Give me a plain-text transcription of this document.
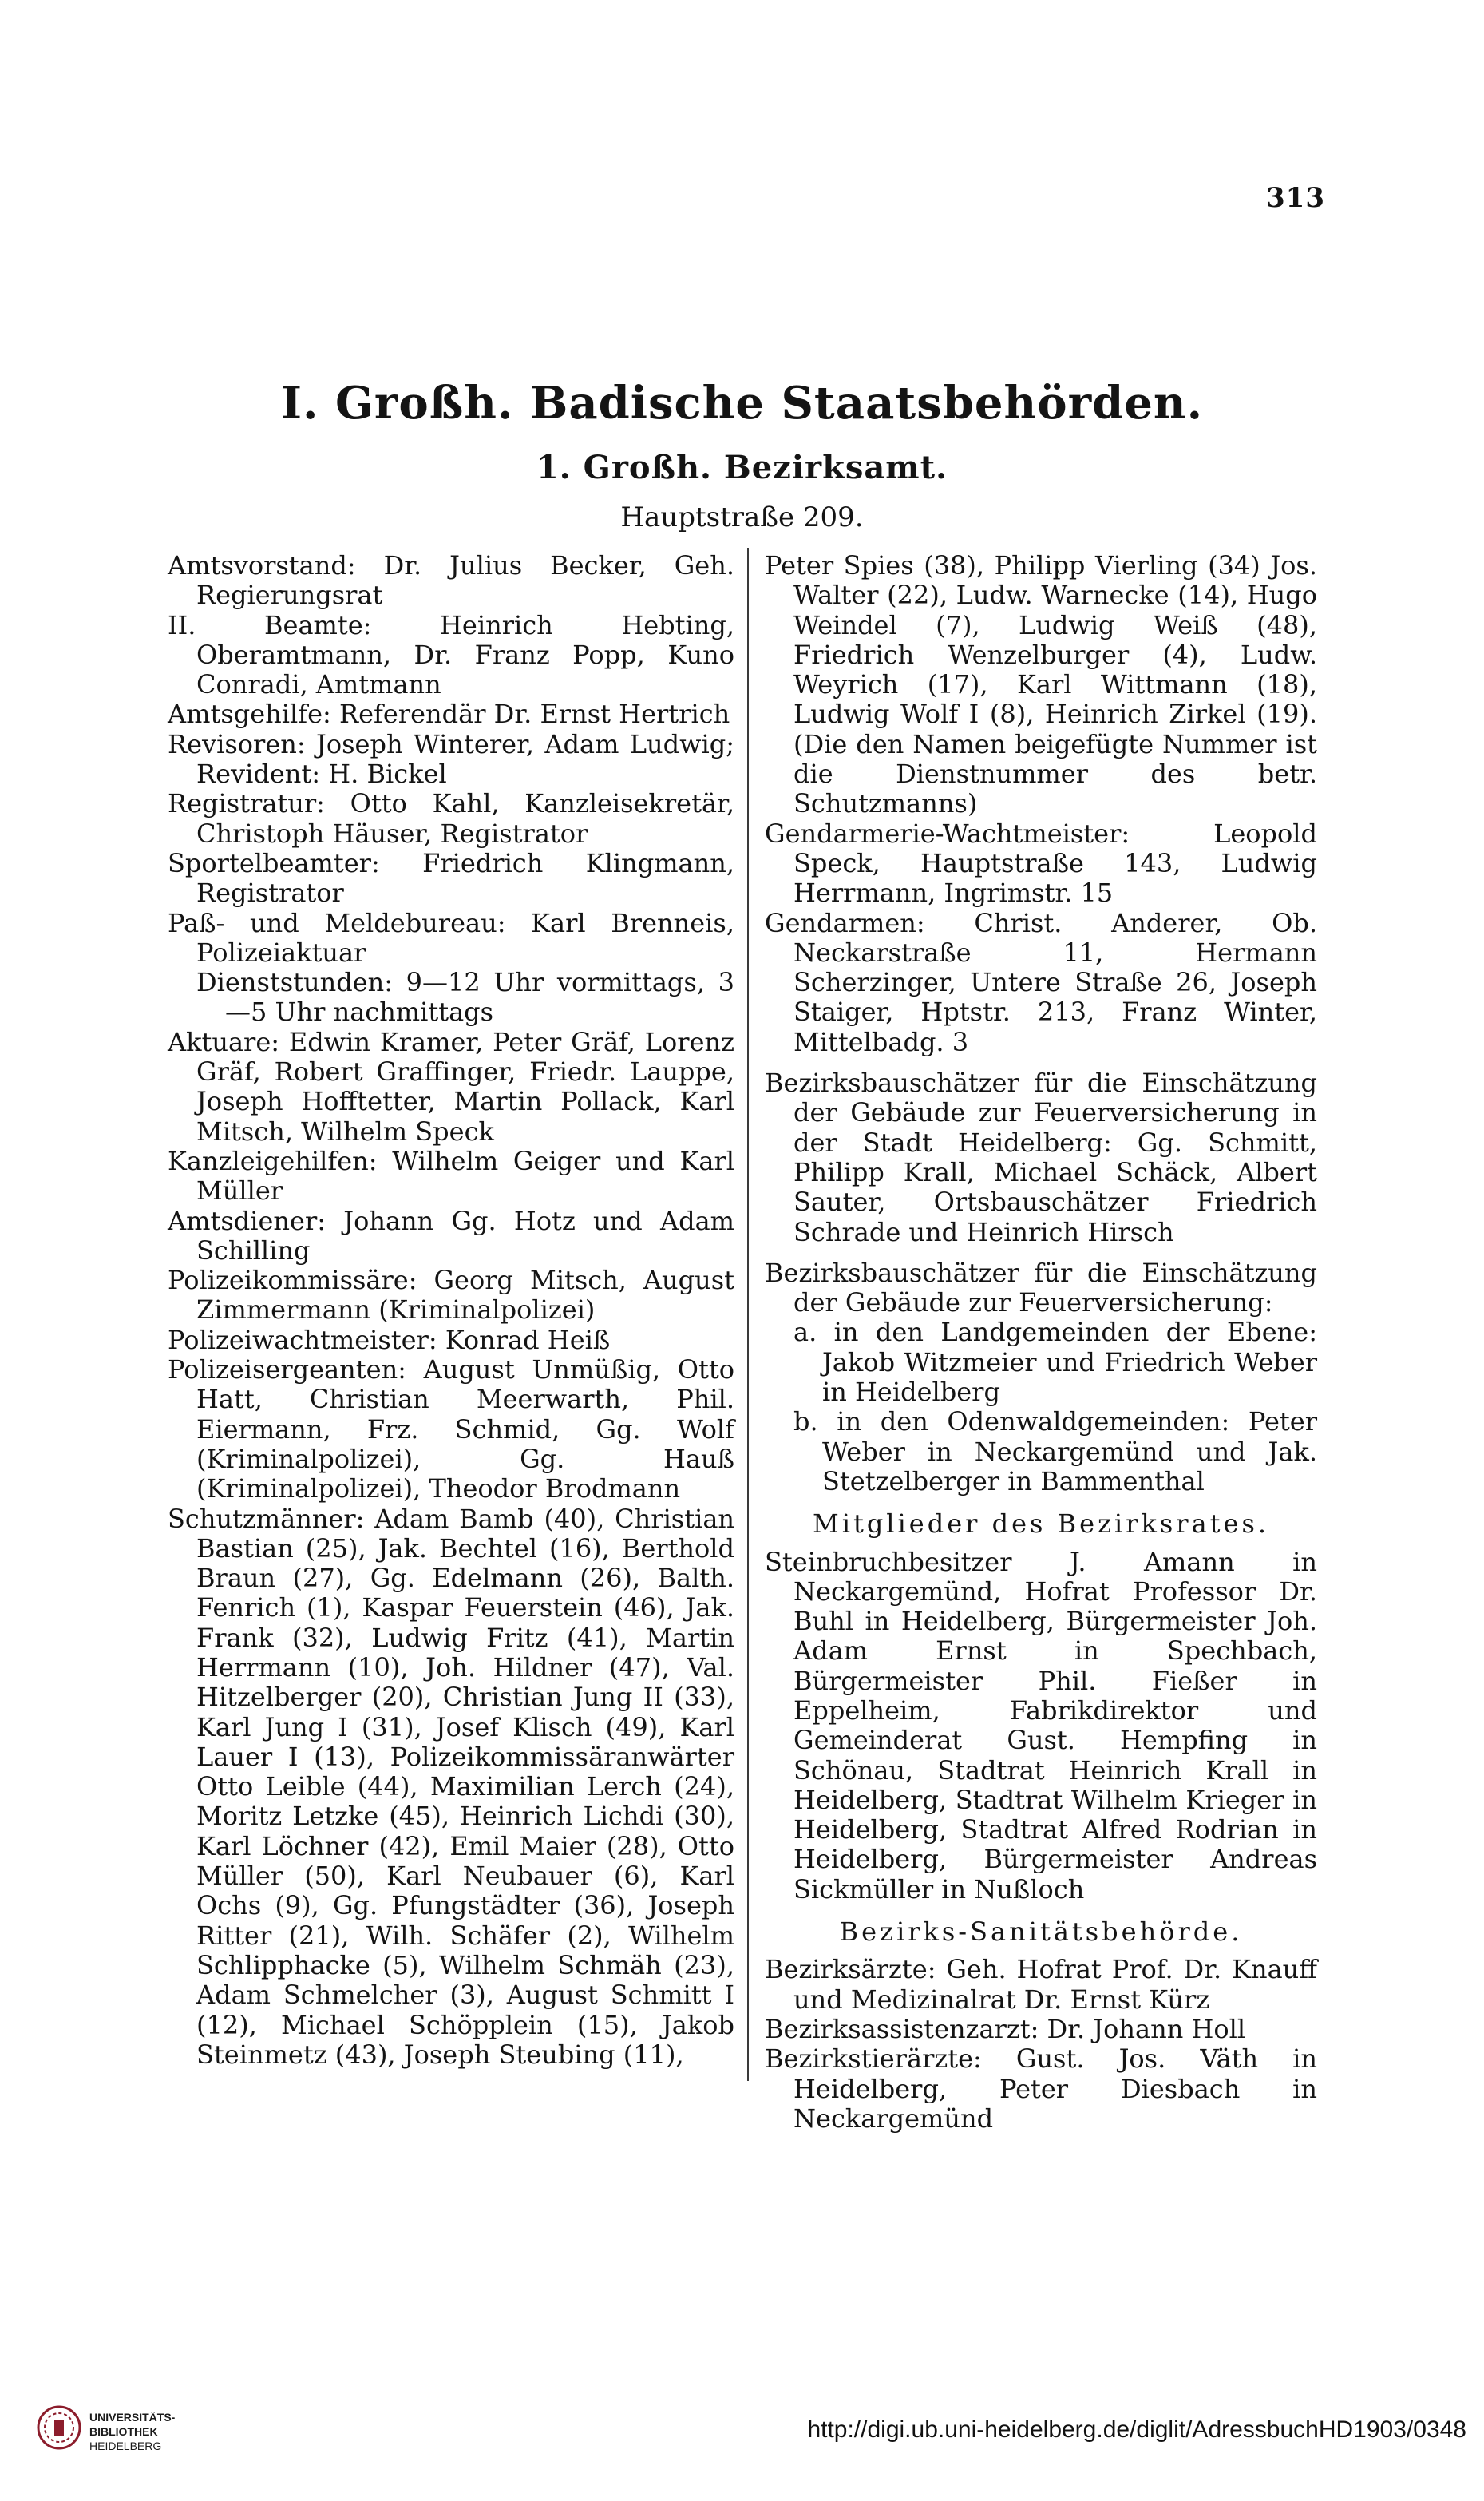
313
I. Großh. Badische Staatsbehörden.
1. Großh. Bezirksamt.
Hauptstraße 209.

Amtsvorstand: Dr. Julius Becker, Geh. Regierungsrat

II. Beamte: Heinrich Hebting, Oberamtmann, Dr. Franz Popp, Kuno Conradi, Amtmann

Amtsgehilfe: Referendär Dr. Ernst Hertrich

Revisoren: Joseph Winterer, Adam Ludwig; Revident: H. Bickel

Registratur: Otto Kahl, Kanzleisekretär, Christoph Häuser, Registrator

Sportelbeamter: Friedrich Klingmann, Registrator

Paß- und Meldebureau: Karl Brenneis, Polizeiaktuar

Dienststunden: 9—12 Uhr vormittags, 3—5 Uhr nachmittags

Aktuare: Edwin Kramer, Peter Gräf, Lorenz Gräf, Robert Graffinger, Friedr. Lauppe, Joseph Hofftetter, Martin Pollack, Karl Mitsch, Wilhelm Speck

Kanzleigehilfen: Wilhelm Geiger und Karl Müller

Amtsdiener: Johann Gg. Hotz und Adam Schilling

Polizeikommissäre: Georg Mitsch, August Zimmermann (Kriminalpolizei)

Polizeiwachtmeister: Konrad Heiß

Polizeisergeanten: August Unmüßig, Otto Hatt, Christian Meerwarth, Phil. Eiermann, Frz. Schmid, Gg. Wolf (Kriminalpolizei), Gg. Hauß (Kriminalpolizei), Theodor Brodmann

Schutzmänner: Adam Bamb (40), Christian Bastian (25), Jak. Bechtel (16), Berthold Braun (27), Gg. Edelmann (26), Balth. Fenrich (1), Kaspar Feuerstein (46), Jak. Frank (32), Ludwig Fritz (41), Martin Herrmann (10), Joh. Hildner (47), Val. Hitzelberger (20), Christian Jung II (33), Karl Jung I (31), Josef Klisch (49), Karl Lauer I (13), Polizeikommissäranwärter Otto Leible (44), Maximilian Lerch (24), Moritz Letzke (45), Heinrich Lichdi (30), Karl Löchner (42), Emil Maier (28), Otto Müller (50), Karl Neubauer (6), Karl Ochs (9), Gg. Pfungstädter (36), Joseph Ritter (21), Wilh. Schäfer (2), Wilhelm Schlipphacke (5), Wilhelm Schmäh (23), Adam Schmelcher (3), August Schmitt I (12), Michael Schöpplein (15), Jakob Steinmetz (43), Joseph Steubing (11),

Peter Spies (38), Philipp Vierling (34) Jos. Walter (22), Ludw. Warnecke (14), Hugo Weindel (7), Ludwig Weiß (48), Friedrich Wenzelburger (4), Ludw. Weyrich (17), Karl Wittmann (18), Ludwig Wolf I (8), Heinrich Zirkel (19). (Die den Namen beigefügte Nummer ist die Dienstnummer des betr. Schutzmanns)

Gendarmerie-Wachtmeister: Leopold Speck, Hauptstraße 143, Ludwig Herrmann, Ingrimstr. 15

Gendarmen: Christ. Anderer, Ob. Neckarstraße 11, Hermann Scherzinger, Untere Straße 26, Joseph Staiger, Hptstr. 213, Franz Winter, Mittelbadg. 3

Bezirksbauschätzer für die Einschätzung der Gebäude zur Feuerversicherung in der Stadt Heidelberg: Gg. Schmitt, Philipp Krall, Michael Schäck, Albert Sauter, Ortsbauschätzer Friedrich Schrade und Heinrich Hirsch

Bezirksbauschätzer für die Einschätzung der Gebäude zur Feuerversicherung:

a. in den Landgemeinden der Ebene: Jakob Witzmeier und Friedrich Weber in Heidelberg

b. in den Odenwaldgemeinden: Peter Weber in Neckargemünd und Jak. Stetzelberger in Bammenthal

Mitglieder des Bezirksrates.

Steinbruchbesitzer J. Amann in Neckargemünd, Hofrat Professor Dr. Buhl in Heidelberg, Bürgermeister Joh. Adam Ernst in Spechbach, Bürgermeister Phil. Fießer in Eppelheim, Fabrikdirektor und Gemeinderat Gust. Hempfing in Schönau, Stadtrat Heinrich Krall in Heidelberg, Stadtrat Wilhelm Krieger in Heidelberg, Stadtrat Alfred Rodrian in Heidelberg, Bürgermeister Andreas Sickmüller in Nußloch

Bezirks-Sanitätsbehörde.

Bezirksärzte: Geh. Hofrat Prof. Dr. Knauff und Medizinalrat Dr. Ernst Kürz

Bezirksassistenzarzt: Dr. Johann Holl

Bezirkstierärzte: Gust. Jos. Väth in Heidelberg, Peter Diesbach in Neckargemünd

UNIVERSITÄTS-
BIBLIOTHEK
HEIDELBERG
http://digi.ub.uni-heidelberg.de/diglit/AdressbuchHD1903/0348
